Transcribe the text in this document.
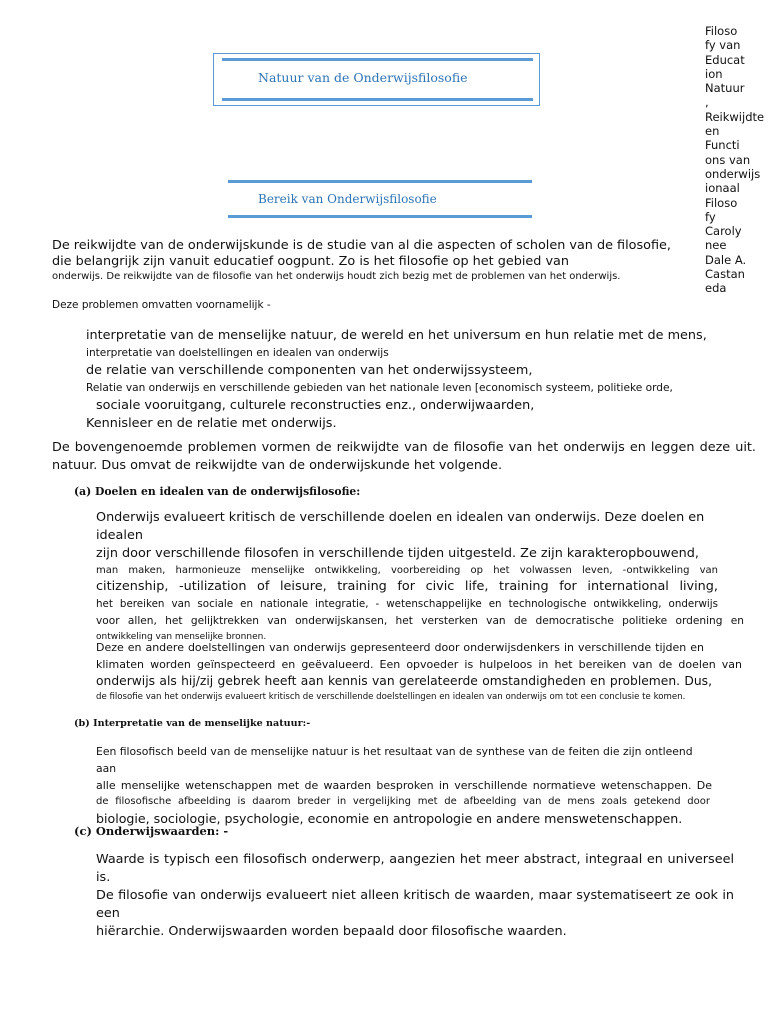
Filoso
fy van
Educat
ion
Natuur
,
Reikwijdte
en
Functi
ons van
onderwijs
ionaal
Filoso
fy
Caroly
nee
Dale A.
Castan
eda
Natuur van de Onderwijsfilosofie
Bereik van Onderwijsfilosofie
De reikwijdte van de onderwijskunde is de studie van al die aspecten of scholen van de filosofie,
die belangrijk zijn vanuit educatief oogpunt. Zo is het filosofie op het gebied van
onderwijs. De reikwijdte van de filosofie van het onderwijs houdt zich bezig met de problemen van het onderwijs.
Deze problemen omvatten voornamelijk -
interpretatie van de menselijke natuur, de wereld en het universum en hun relatie met de mens,
interpretatie van doelstellingen en idealen van onderwijs
de relatie van verschillende componenten van het onderwijssysteem,
Relatie van onderwijs en verschillende gebieden van het nationale leven [economisch systeem, politieke orde,
sociale vooruitgang, culturele reconstructies enz., onderwijwaarden,
Kennisleer en de relatie met onderwijs.
De bovengenoemde problemen vormen de reikwijdte van de filosofie van het onderwijs en leggen deze uit.
natuur. Dus omvat de reikwijdte van de onderwijskunde het volgende.
(a) Doelen en idealen van de onderwijsfilosofie:
Onderwijs evalueert kritisch de verschillende doelen en idealen van onderwijs. Deze doelen en idealen
zijn door verschillende filosofen in verschillende tijden uitgesteld. Ze zijn karakteropbouwend,
man maken, harmonieuze menselijke ontwikkeling, voorbereiding op het volwassen leven, -ontwikkeling van
citizenship, -utilization of leisure, training for civic life, training for international living,
het bereiken van sociale en nationale integratie, - wetenschappelijke en technologische ontwikkeling, onderwijs
voor allen, het gelijktrekken van onderwijskansen, het versterken van de democratische politieke ordening en
ontwikkeling van menselijke bronnen.
Deze en andere doelstellingen van onderwijs gepresenteerd door onderwijsdenkers in verschillende tijden en
klimaten worden geïnspecteerd en geëvalueerd. Een opvoeder is hulpeloos in het bereiken van de doelen van
onderwijs als hij/zij gebrek heeft aan kennis van gerelateerde omstandigheden en problemen. Dus,
de filosofie van het onderwijs evalueert kritisch de verschillende doelstellingen en idealen van onderwijs om tot een conclusie te komen.
(b) Interpretatie van de menselijke natuur:-
Een filosofisch beeld van de menselijke natuur is het resultaat van de synthese van de feiten die zijn ontleend aan
alle menselijke wetenschappen met de waarden besproken in verschillende normatieve wetenschappen. De
de filosofische afbeelding is daarom breder in vergelijking met de afbeelding van de mens zoals getekend door
biologie, sociologie, psychologie, economie en antropologie en andere menswetenschappen.
(c) Onderwijswaarden: -
Waarde is typisch een filosofisch onderwerp, aangezien het meer abstract, integraal en universeel is.
De filosofie van onderwijs evalueert niet alleen kritisch de waarden, maar systematiseert ze ook in een
hiërarchie. Onderwijswaarden worden bepaald door filosofische waarden.
